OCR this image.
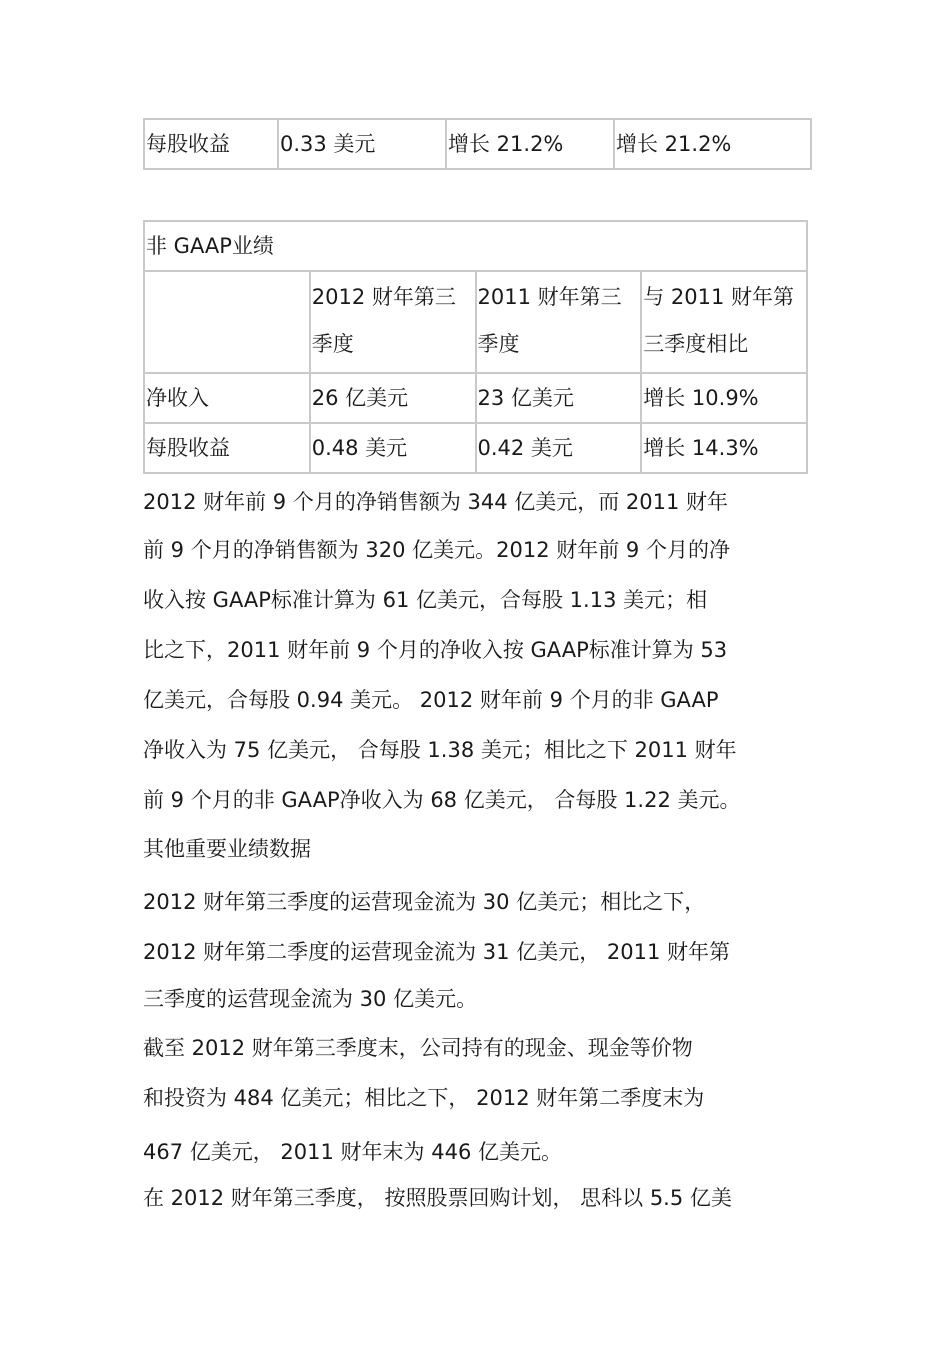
每股收益	0.33 美元	增长 21.2%	增长 21.2%
非 GAAP业绩			
	2012 财年第三季度	2011 财年第三季度	与 2011 财年第三季度相比
净收入	26 亿美元	23 亿美元	增长 10.9%
每股收益	0.48 美元	0.42 美元	增长 14.3%
2012 财年前 9 个月的净销售额为 344 亿美元，而 2011 财年
前 9 个月的净销售额为 320 亿美元。2012 财年前 9 个月的净
收入按 GAAP标准计算为 61 亿美元，合每股 1.13 美元；相
比之下，2011 财年前 9 个月的净收入按 GAAP标准计算为 53
亿美元，合每股 0.94 美元。 2012 财年前 9 个月的非 GAAP
净收入为 75 亿美元， 合每股 1.38 美元；相比之下 2011 财年
前 9 个月的非 GAAP净收入为 68 亿美元， 合每股 1.22 美元。
其他重要业绩数据
2012 财年第三季度的运营现金流为 30 亿美元；相比之下，
2012 财年第二季度的运营现金流为 31 亿美元， 2011 财年第
三季度的运营现金流为 30 亿美元。
截至 2012 财年第三季度末，公司持有的现金、现金等价物
和投资为 484 亿美元；相比之下， 2012 财年第二季度末为
467 亿美元， 2011 财年末为 446 亿美元。
在 2012 财年第三季度， 按照股票回购计划， 思科以 5.5 亿美
